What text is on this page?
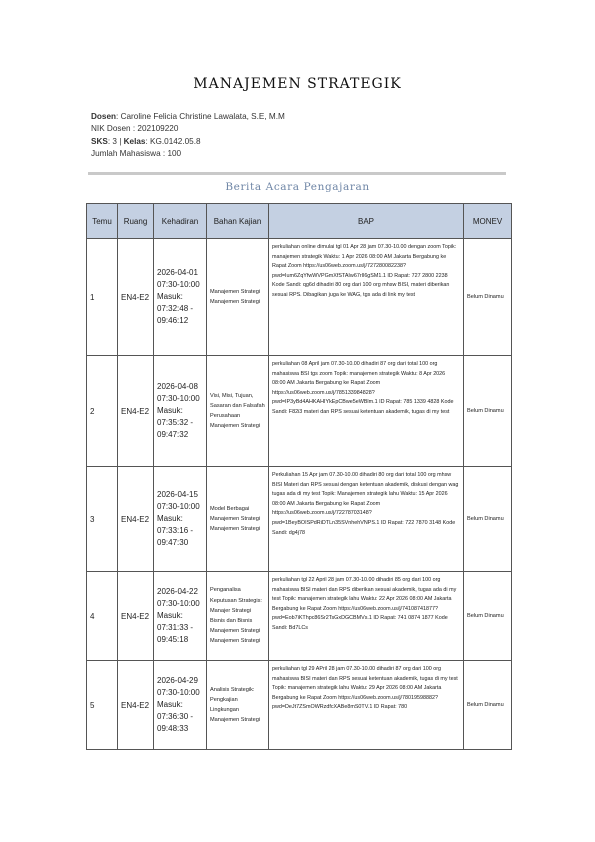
MANAJEMEN STRATEGIK
Dosen: Caroline Felicia Christine Lawalata, S.E, M.M
NIK Dosen : 202109220
SKS: 3 | Kelas: KG.0142.05.8
Jumlah Mahasiswa : 100
Berita Acara Pengajaran
Temu	Ruang	Kehadiran	Bahan Kajian	BAP	MONEV
1	EN4-E2	2026-04-01 07:30-10:00 Masuk: 07:32:48 - 09:46:12	Manajemen Strategi Manajemen Strategi	perkuliahan online dimulai tgl 01 Apr 28 jam 07.30-10.00 dengan zoom Topik: manajemen strategik Waktu: 1 Apr 2026 08:00 AM Jakarta Bergabung ke Rapat Zoom https://us06web.zoom.us/j/727280082238?pwd=Ium6ZqYfwWVPGmXfSTAIw67rIl6gSM1.1 ID Rapat: 727 2800 2238 Kode Sandi: qg6d dihadiri 80 org dari 100 org mhsw BISI, materi diberikan sesuai RPS. Dibagikan juga ke WAG, tgs ada di link my test	Belum Dinamu
2	EN4-E2	2026-04-08 07:30-10:00 Masuk: 07:35:32 - 09:47:32	Visi, Misi, Tujuan, Sasaran dan Falsafah Perusahaan Manajemen Strategi	perkuliahan 08 April jam 07.30-10.00 dihadiri 87 org dari total 100 org mahasiswa BSI tgs zoom Topik: manajemen strategik Waktu: 8 Apr 2026 08:00 AM Jakarta Bergabung ke Rapat Zoom https://us06web.zoom.us/j/785133984828?pwd=IP3yBd4AHKAHIYkEpCBwe5eWBlm.1 ID Rapat: 785 1339 4828 Kode Sandi: F82i3 materi dan RPS sesuai ketentuan akademik, tugas di my test	Belum Dinamu
3	EN4-E2	2026-04-15 07:30-10:00 Masuk: 07:33:16 - 09:47:30	Model Berbagai Manajemen Strategi Manajemen Strategi	Perkuliahan 15 Apr jam 07.30-10.00 dihadiri 80 org dari total 100 org mhsw BISI Materi dan RPS sesuai dengan ketentuan akademik, diskusi dengan wag tugas ada di my test Topik: Manajemen strategik lahu Waktu: 15 Apr 2026 08:00 AM Jakarta Bergabung ke Rapat Zoom https://us06web.zoom.us/j/72278703148?pwd=1BeyBOISPdRiDTLn35SVnhehVNPS.1 ID Rapat: 722 7870 3148 Kode Sandi: dg4j78	Belum Dinamu
4	EN4-E2	2026-04-22 07:30-10:00 Masuk: 07:31:33 - 09:45:18	Penganalisa Keputusan Strategis: Manajer Strategi Bisnis dan Bisnis Manajemen Strategi Manajemen Strategi	perkuliahan tgl 22 April 28 jam 07.30-10.00 dihadiri 85 org dari 100 org mahasiswa BISI materi dan RPS diberikan sesuai akademik, tugas ada di my test Topik: manajemen strategik lahu Waktu: 22 Apr 2026 08:00 AM Jakarta Bergabung ke Rapat Zoom https://us06web.zoom.us/j/74108741877?pwd=Eob7iKThpc86Sr2TsGxDGCBMVs.1 ID Rapat: 741 0874 1877 Kode Sandi: Bd7LCs	Belum Dinamu
5	EN4-E2	2026-04-29 07:30-10:00 Masuk: 07:36:30 - 09:48:33	Analisis Strategik: Pengkajian Lingkungan Manajemen Strategi	perkuliahan tgl 29 APril 28 jam 07.30-10.00 dihadiri 87 org dari 100 org mahasiswa BISI materi dan RPS sesuai ketentuan akademik, tugas di my test Topik: manajemen strategik lahu Waktu: 29 Apr 2026 08:00 AM Jakarta Bergabung ke Rapat Zoom https://us06web.zoom.us/j/78019598882?pwd=DeJt7ZSmOWRzdfcXABe8mS0TV.1 ID Rapat: 780	Belum Dinamu
